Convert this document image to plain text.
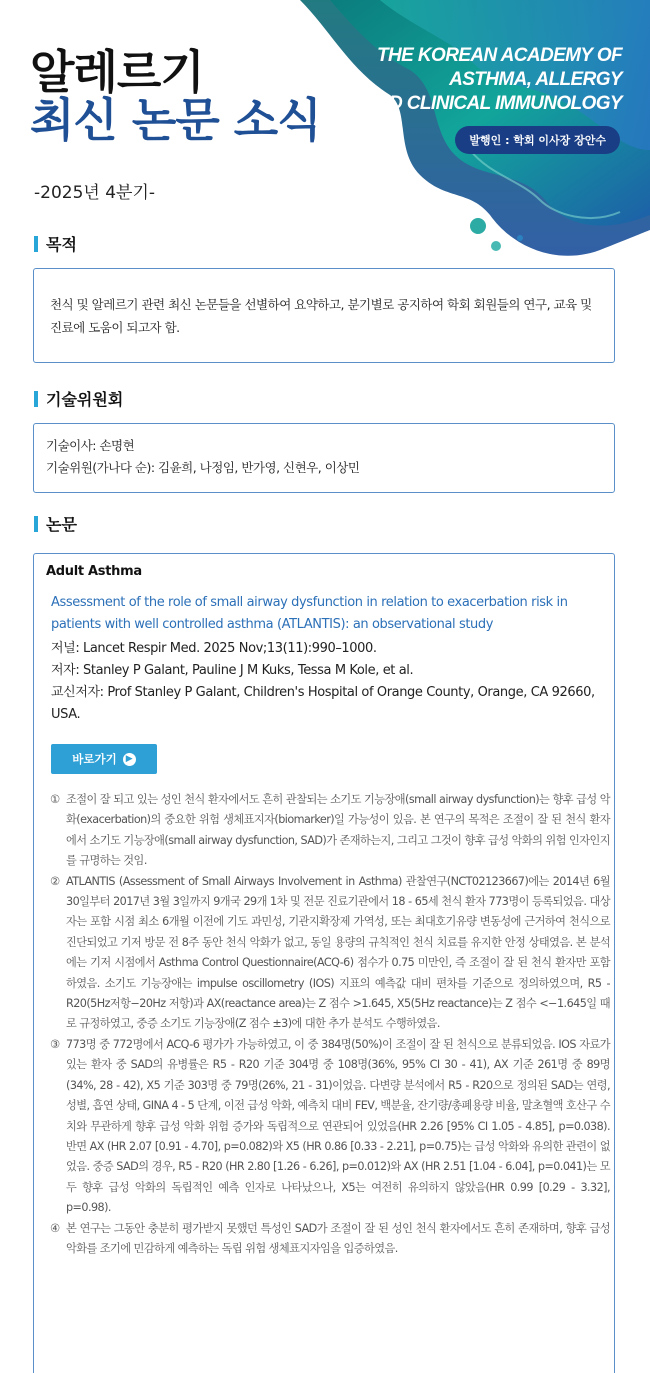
알레르기
최신 논문 소식
THE KOREAN ACADEMY OF
ASTHMA, ALLERGY
AND CLINICAL IMMUNOLOGY
발행인 : 학회 이사장 장안수
-2025년 4분기-
목적
천식 및 알레르기 관련 최신 논문들을 선별하여 요약하고, 분기별로 공지하여 학회 회원들의 연구, 교육 및 진료에 도움이 되고자 함.
기술위원회
기술이사: 손명현
기술위원(가나다 순): 김윤희, 나정임, 반가영, 신현우, 이상민
논문
Adult Asthma
Assessment of the role of small airway dysfunction in relation to exacerbation risk in patients with well controlled asthma (ATLANTIS): an observational study
저널: Lancet Respir Med. 2025 Nov;13(11):990–1000.
저자: Stanley P Galant, Pauline J M Kuks, Tessa M Kole, et al.
교신저자: Prof Stanley P Galant, Children's Hospital of Orange County, Orange, CA 92660, USA.
바로가기	▶
① 조절이 잘 되고 있는 성인 천식 환자에서도 흔히 관찰되는 소기도 기능장애(small airway dysfunction)는 향후 급성 악화(exacerbation)의 중요한 위험 생체표지자(biomarker)일 가능성이 있음. 본 연구의 목적은 조절이 잘 된 천식 환자에서 소기도 기능장애(small airway dysfunction, SAD)가 존재하는지, 그리고 그것이 향후 급성 악화의 위험 인자인지를 규명하는 것임.
② ATLANTIS (Assessment of Small Airways Involvement in Asthma) 관찰연구(NCT02123667)에는 2014년 6월 30일부터 2017년 3월 3일까지 9개국 29개 1차 및 전문 진료기관에서 18 - 65세 천식 환자 773명이 등록되었음. 대상자는 포함 시점 최소 6개월 이전에 기도 과민성, 기관지확장제 가역성, 또는 최대호기유량 변동성에 근거하여 천식으로 진단되었고 기저 방문 전 8주 동안 천식 악화가 없고, 동일 용량의 규칙적인 천식 치료를 유지한 안정 상태였음. 본 분석에는 기저 시점에서 Asthma Control Questionnaire(ACQ-6) 점수가 0.75 미만인, 즉 조절이 잘 된 천식 환자만 포함하였음. 소기도 기능장애는 impulse oscillometry (IOS) 지표의 예측값 대비 편차를 기준으로 정의하였으며, R5 - R20(5Hz저항−20Hz 저항)과 AX(reactance area)는 Z 점수 >1.645, X5(5Hz reactance)는 Z 점수 <−1.645일 때로 규정하였고, 중증 소기도 기능장애(Z 점수 ±3)에 대한 추가 분석도 수행하였음.
③ 773명 중 772명에서 ACQ-6 평가가 가능하였고, 이 중 384명(50%)이 조절이 잘 된 천식으로 분류되었음. IOS 자료가 있는 환자 중 SAD의 유병률은 R5 - R20 기준 304명 중 108명(36%, 95% CI 30 - 41), AX 기준 261명 중 89명(34%, 28 - 42), X5 기준 303명 중 79명(26%, 21 - 31)이었음. 다변량 분석에서 R5 - R20으로 정의된 SAD는 연령, 성별, 흡연 상태, GINA 4 - 5 단계, 이전 급성 악화, 예측치 대비 FEV, 백분율, 잔기량/총폐용량 비율, 말초혈액 호산구 수치와 무관하게 향후 급성 악화 위험 증가와 독립적으로 연관되어 있었음(HR 2.26 [95% CI 1.05 - 4.85], p=0.038). 반면 AX (HR 2.07 [0.91 - 4.70], p=0.082)와 X5 (HR 0.86 [0.33 - 2.21], p=0.75)는 급성 악화와 유의한 관련이 없었음. 중증 SAD의 경우, R5 - R20 (HR 2.80 [1.26 - 6.26], p=0.012)와 AX (HR 2.51 [1.04 - 6.04], p=0.041)는 모두 향후 급성 악화의 독립적인 예측 인자로 나타났으나, X5는 여전히 유의하지 않았음(HR 0.99 [0.29 - 3.32], p=0.98).
④ 본 연구는 그동안 충분히 평가받지 못했던 특성인 SAD가 조절이 잘 된 성인 천식 환자에서도 흔히 존재하며, 향후 급성 악화를 조기에 민감하게 예측하는 독립 위험 생체표지자임을 입증하였음.
